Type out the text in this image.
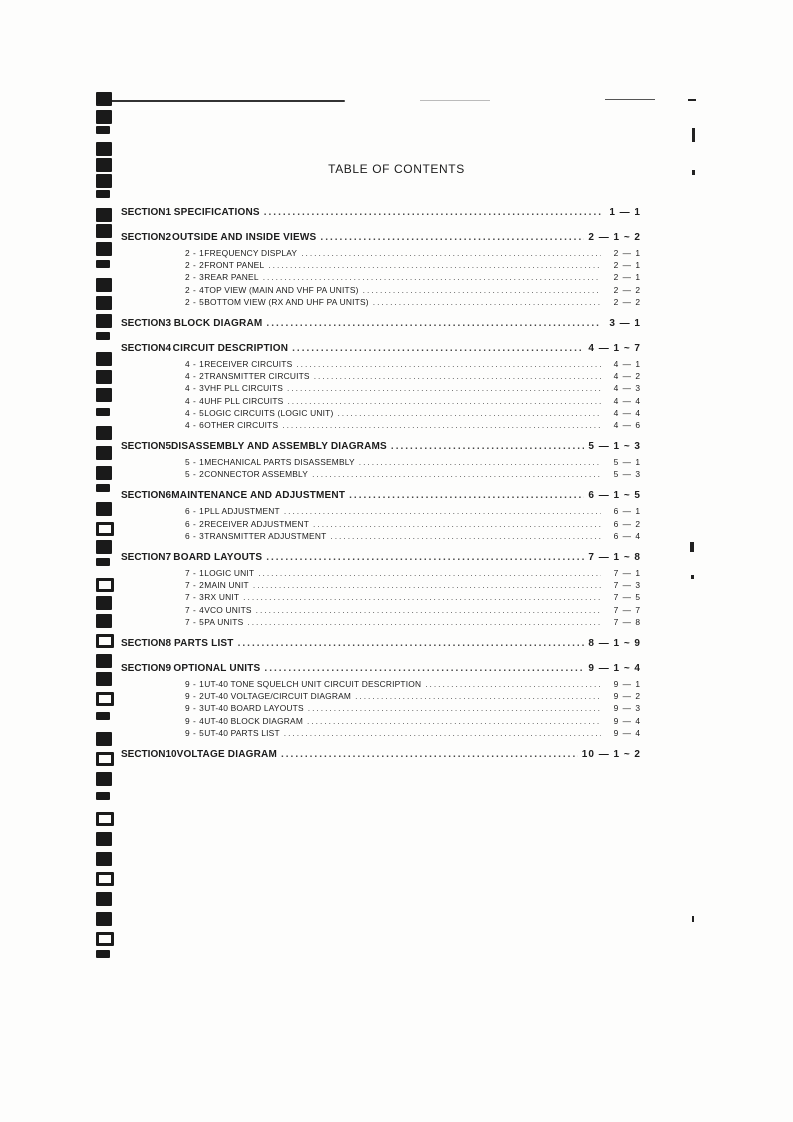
TABLE OF CONTENTS
SECTION 1 SPECIFICATIONS .....	1 — 1
SECTION 2 OUTSIDE AND INSIDE VIEWS .....	2 — 1 ~ 2
2 - 1 FREQUENCY DISPLAY .....	2 — 1
2 - 2 FRONT PANEL .....	2 — 1
2 - 3 REAR PANEL .....	2 — 1
2 - 4 TOP VIEW (MAIN AND VHF PA UNITS) .....	2 — 2
2 - 5 BOTTOM VIEW (RX AND UHF PA UNITS) .....	2 — 2
SECTION 3 BLOCK DIAGRAM .....	3 — 1
SECTION 4 CIRCUIT DESCRIPTION .....	4 — 1 ~ 7
4 - 1 RECEIVER CIRCUITS .....	4 — 1
4 - 2 TRANSMITTER CIRCUITS .....	4 — 2
4 - 3 VHF PLL CIRCUITS .....	4 — 3
4 - 4 UHF PLL CIRCUITS .....	4 — 4
4 - 5 LOGIC CIRCUITS (LOGIC UNIT) .....	4 — 4
4 - 6 OTHER CIRCUITS .....	4 — 6
SECTION 5 DISASSEMBLY AND ASSEMBLY DIAGRAMS .....	5 — 1 ~ 3
5 - 1 MECHANICAL PARTS DISASSEMBLY .....	5 — 1
5 - 2 CONNECTOR ASSEMBLY .....	5 — 3
SECTION 6 MAINTENANCE AND ADJUSTMENT .....	6 — 1 ~ 5
6 - 1 PLL ADJUSTMENT .....	6 — 1
6 - 2 RECEIVER ADJUSTMENT .....	6 — 2
6 - 3 TRANSMITTER ADJUSTMENT .....	6 — 4
SECTION 7 BOARD LAYOUTS .....	7 — 1 ~ 8
7 - 1 LOGIC UNIT .....	7 — 1
7 - 2 MAIN UNIT .....	7 — 3
7 - 3 RX UNIT .....	7 — 5
7 - 4 VCO UNITS .....	7 — 7
7 - 5 PA UNITS .....	7 — 8
SECTION 8 PARTS LIST .....	8 — 1 ~ 9
SECTION 9 OPTIONAL UNITS .....	9 — 1 ~ 4
9 - 1 UT-40 TONE SQUELCH UNIT CIRCUIT DESCRIPTION .....	9 — 1
9 - 2 UT-40 VOLTAGE/CIRCUIT DIAGRAM .....	9 — 2
9 - 3 UT-40 BOARD LAYOUTS .....	9 — 3
9 - 4 UT-40 BLOCK DIAGRAM .....	9 — 4
9 - 5 UT-40 PARTS LIST .....	9 — 4
SECTION 10 VOLTAGE DIAGRAM .....	10 — 1 ~ 2
